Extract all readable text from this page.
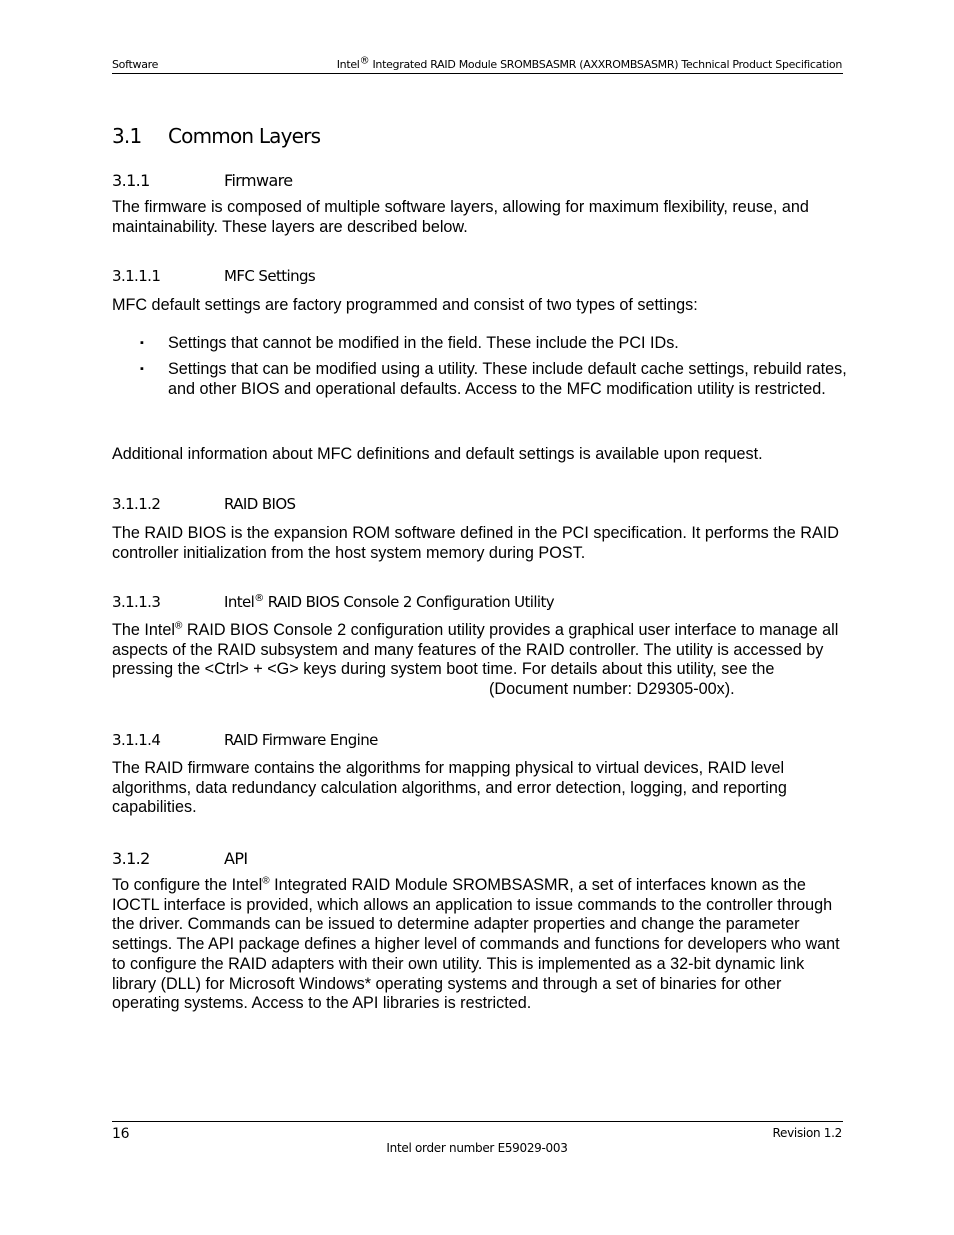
Software	Intel® Integrated RAID Module SROMBSASMR (AXXROMBSASMR) Technical Product Specification
3.1 Common Layers
3.1.1	Firmware
The firmware is composed of multiple software layers, allowing for maximum flexibility, reuse, and maintainability. These layers are described below.
3.1.1.1	MFC Settings
MFC default settings are factory programmed and consist of two types of settings:
▪ Settings that cannot be modified in the field. These include the PCI IDs.
▪ Settings that can be modified using a utility. These include default cache settings, rebuild rates, and other BIOS and operational defaults. Access to the MFC modification utility is restricted.
Additional information about MFC definitions and default settings is available upon request.
3.1.1.2	RAID BIOS
The RAID BIOS is the expansion ROM software defined in the PCI specification. It performs the RAID controller initialization from the host system memory during POST.
3.1.1.3	Intel® RAID BIOS Console 2 Configuration Utility
The Intel® RAID BIOS Console 2 configuration utility provides a graphical user interface to manage all aspects of the RAID subsystem and many features of the RAID controller. The utility is accessed by pressing the <Ctrl> + <G> keys during system boot time. For details about this utility, see the
(Document number: D29305-00x).
3.1.1.4	RAID Firmware Engine
The RAID firmware contains the algorithms for mapping physical to virtual devices, RAID level algorithms, data redundancy calculation algorithms, and error detection, logging, and reporting capabilities.
3.1.2	API
To configure the Intel® Integrated RAID Module SROMBSASMR, a set of interfaces known as the IOCTL interface is provided, which allows an application to issue commands to the controller through the driver. Commands can be issued to determine adapter properties and change the parameter settings. The API package defines a higher level of commands and functions for developers who want to configure the RAID adapters with their own utility. This is implemented as a 32-bit dynamic link library (DLL) for Microsoft Windows* operating systems and through a set of binaries for other operating systems. Access to the API libraries is restricted.
16	Revision 1.2
Intel order number E59029-003
